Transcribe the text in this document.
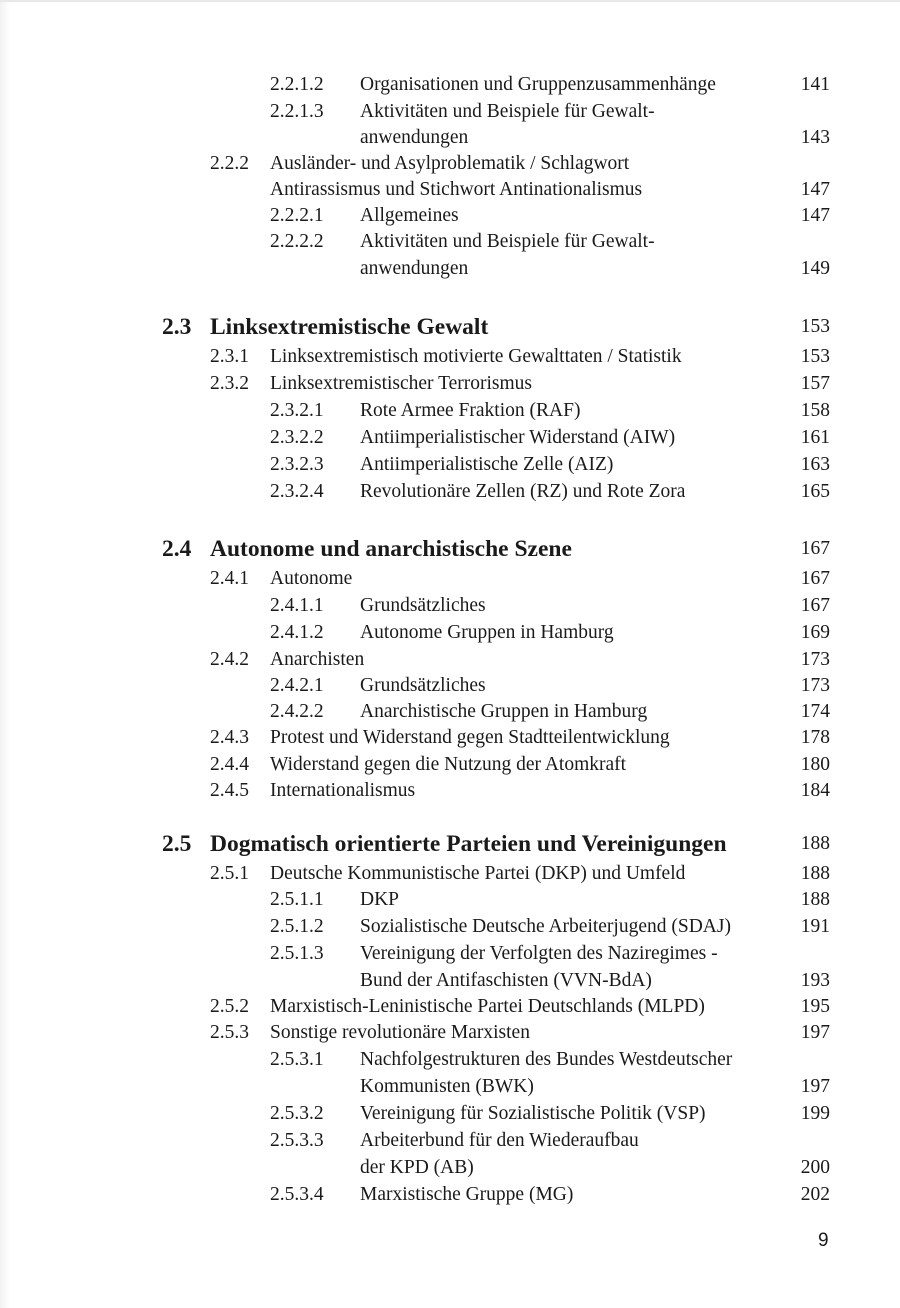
2.2.1.2 Organisationen und Gruppenzusammenhänge	141
2.2.1.3 Aktivitäten und Beispiele für Gewalt-
anwendungen	143
2.2.2 Ausländer- und Asylproblematik / Schlagwort
Antirassismus und Stichwort Antinationalismus	147
2.2.2.1 Allgemeines	147
2.2.2.2 Aktivitäten und Beispiele für Gewalt-
anwendungen	149
2.3 Linksextremistische Gewalt	153
2.3.1 Linksextremistisch motivierte Gewalttaten / Statistik	153
2.3.2 Linksextremistischer Terrorismus	157
2.3.2.1 Rote Armee Fraktion (RAF)	158
2.3.2.2 Antiimperialistischer Widerstand (AIW)	161
2.3.2.3 Antiimperialistische Zelle (AIZ)	163
2.3.2.4 Revolutionäre Zellen (RZ) und Rote Zora	165
2.4 Autonome und anarchistische Szene	167
2.4.1 Autonome	167
2.4.1.1 Grundsätzliches	167
2.4.1.2 Autonome Gruppen in Hamburg	169
2.4.2 Anarchisten	173
2.4.2.1 Grundsätzliches	173
2.4.2.2 Anarchistische Gruppen in Hamburg	174
2.4.3 Protest und Widerstand gegen Stadtteilentwicklung	178
2.4.4 Widerstand gegen die Nutzung der Atomkraft	180
2.4.5 Internationalismus	184
2.5 Dogmatisch orientierte Parteien und Vereinigungen	188
2.5.1 Deutsche Kommunistische Partei (DKP) und Umfeld	188
2.5.1.1 DKP	188
2.5.1.2 Sozialistische Deutsche Arbeiterjugend (SDAJ)	191
2.5.1.3 Vereinigung der Verfolgten des Naziregimes -
Bund der Antifaschisten (VVN-BdA)	193
2.5.2 Marxistisch-Leninistische Partei Deutschlands (MLPD)	195
2.5.3 Sonstige revolutionäre Marxisten	197
2.5.3.1 Nachfolgestrukturen des Bundes Westdeutscher
Kommunisten (BWK)	197
2.5.3.2 Vereinigung für Sozialistische Politik (VSP)	199
2.5.3.3 Arbeiterbund für den Wiederaufbau
der KPD (AB)	200
2.5.3.4 Marxistische Gruppe (MG)	202
9
